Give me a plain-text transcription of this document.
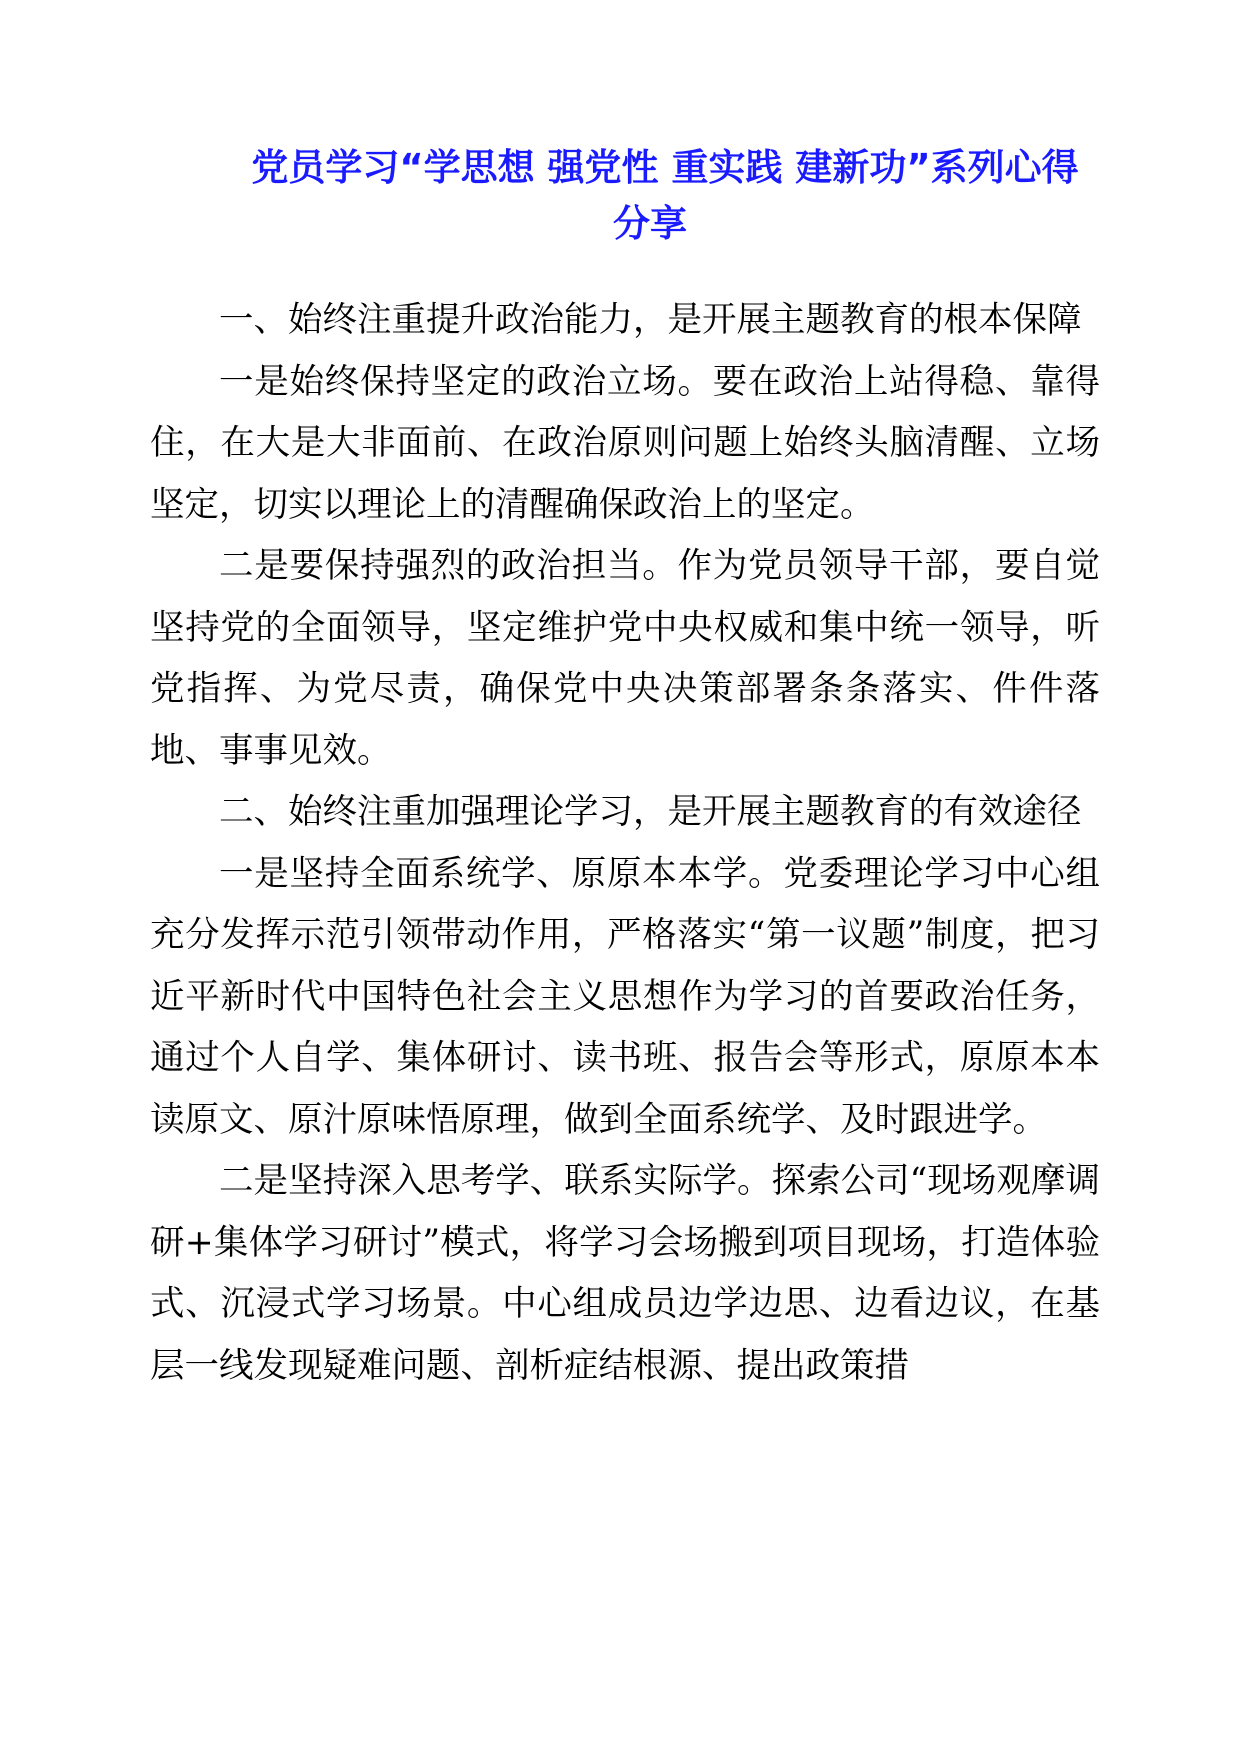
党员学习“学思想 强党性 重实践 建新功”系列心得
分享

一、始终注重提升政治能力，是开展主题教育的根本保障

一是始终保持坚定的政治立场。要在政治上站得稳、靠得住，在大是大非面前、在政治原则问题上始终头脑清醒、立场坚定，切实以理论上的清醒确保政治上的坚定。

二是要保持强烈的政治担当。作为党员领导干部，要自觉坚持党的全面领导，坚定维护党中央权威和集中统一领导，听党指挥、为党尽责，确保党中央决策部署条条落实、件件落地、事事见效。

二、始终注重加强理论学习，是开展主题教育的有效途径

一是坚持全面系统学、原原本本学。党委理论学习中心组充分发挥示范引领带动作用，严格落实“第一议题”制度，把习近平新时代中国特色社会主义思想作为学习的首要政治任务，通过个人自学、集体研讨、读书班、报告会等形式，原原本本读原文、原汁原味悟原理，做到全面系统学、及时跟进学。

二是坚持深入思考学、联系实际学。探索公司“现场观摩调研+集体学习研讨”模式，将学习会场搬到项目现场，打造体验式、沉浸式学习场景。中心组成员边学边思、边看边议，在基层一线发现疑难问题、剖析症结根源、提出政策措
